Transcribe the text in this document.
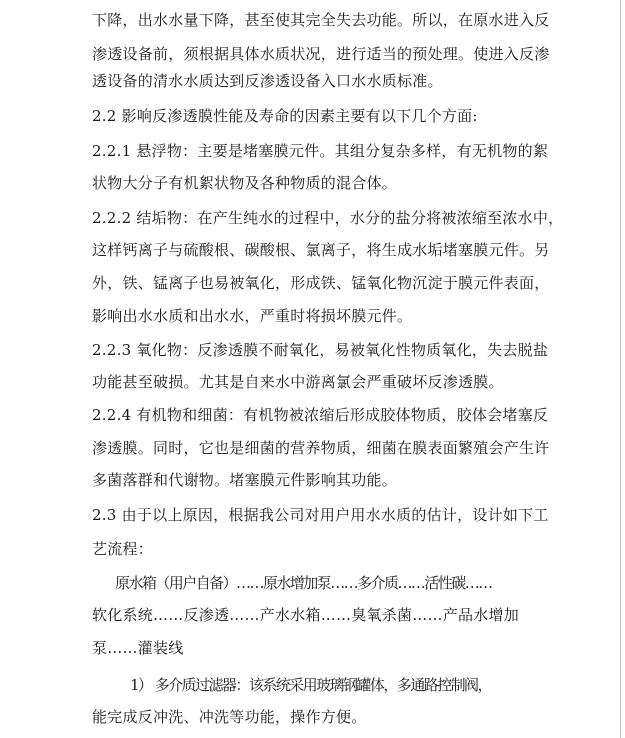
下降，出水水量下降，甚至使其完全失去功能。所以，在原水进入反
渗透设备前，须根据具体水质状况，进行适当的预处理。使进入反渗
透设备的清水水质达到反渗透设备入口水水质标准。
2.2 影响反渗透膜性能及寿命的因素主要有以下几个方面:
2.2.1 悬浮物：主要是堵塞膜元件。其组分复杂多样，有无机物的絮
状物大分子有机絮状物及各种物质的混合体。
2.2.2 结垢物：在产生纯水的过程中，水分的盐分将被浓缩至浓水中，
这样钙离子与硫酸根、碳酸根、氯离子，将生成水垢堵塞膜元件。另
外，铁、锰离子也易被氧化，形成铁、锰氧化物沉淀于膜元件表面，
影响出水水质和出水水，严重时将损坏膜元件。
2.2.3 氧化物：反渗透膜不耐氧化，易被氧化性物质氧化，失去脱盐
功能甚至破损。尤其是自来水中游离氯会严重破坏反渗透膜。
2.2.4 有机物和细菌：有机物被浓缩后形成胶体物质，胶体会堵塞反
渗透膜。同时，它也是细菌的营养物质，细菌在膜表面繁殖会产生许
多菌落群和代谢物。堵塞膜元件影响其功能。
2.3 由于以上原因，根据我公司对用户用水水质的估计，设计如下工
艺流程：
原水箱（用户自备）……原水增加泵……多介质……活性碳……
软化系统……反渗透……产水水箱……臭氧杀菌……产品水增加
泵……灌装线
1） 多介质过滤器：该系统采用玻璃钢罐体，多通路控制阀，
能完成反冲洗、冲洗等功能，操作方便。
